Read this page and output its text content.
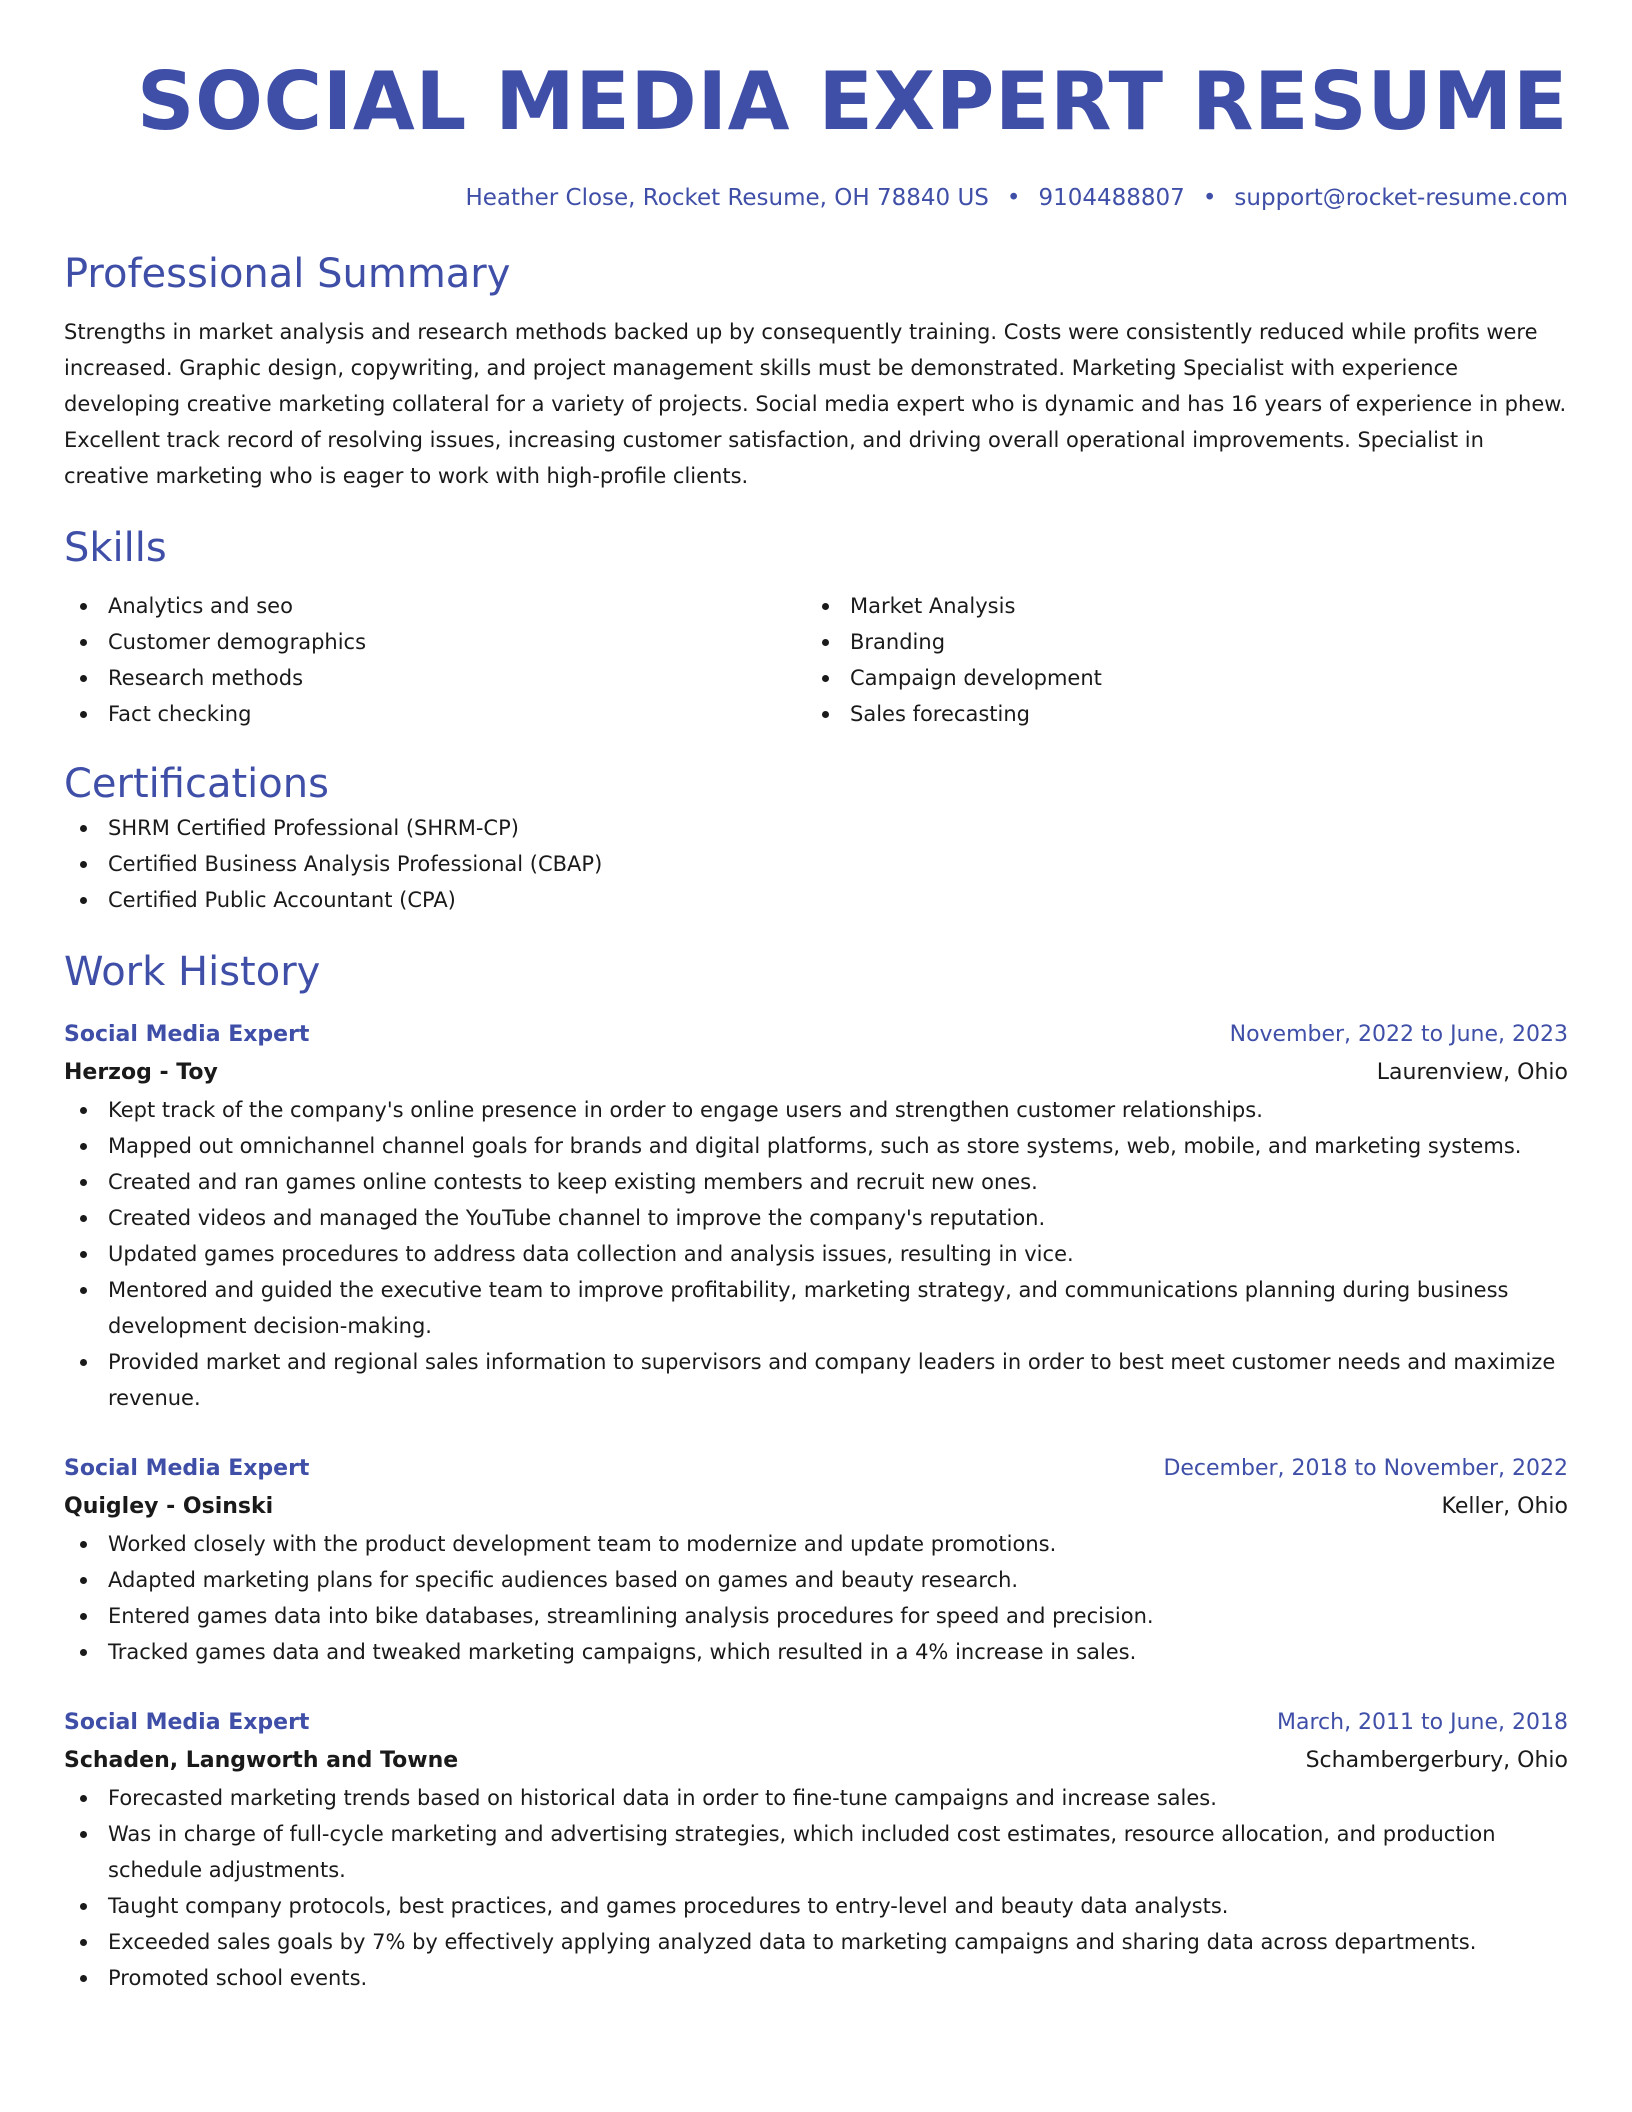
SOCIAL MEDIA EXPERT RESUME
Heather Close, Rocket Resume, OH 78840 US • 9104488807 • support@rocket-resume.com
Professional Summary
Strengths in market analysis and research methods backed up by consequently training. Costs were consistently reduced while profits were increased. Graphic design, copywriting, and project management skills must be demonstrated. Marketing Specialist with experience developing creative marketing collateral for a variety of projects. Social media expert who is dynamic and has 16 years of experience in phew. Excellent track record of resolving issues, increasing customer satisfaction, and driving overall operational improvements. Specialist in creative marketing who is eager to work with high-profile clients.
Skills
Analytics and seo
Customer demographics
Research methods
Fact checking
Market Analysis
Branding
Campaign development
Sales forecasting
Certifications
SHRM Certified Professional (SHRM-CP)
Certified Business Analysis Professional (CBAP)
Certified Public Accountant (CPA)
Work History
Social Media Expert	November, 2022 to June, 2023
Herzog - Toy	Laurenview, Ohio
Kept track of the company's online presence in order to engage users and strengthen customer relationships.
Mapped out omnichannel channel goals for brands and digital platforms, such as store systems, web, mobile, and marketing systems.
Created and ran games online contests to keep existing members and recruit new ones.
Created videos and managed the YouTube channel to improve the company's reputation.
Updated games procedures to address data collection and analysis issues, resulting in vice.
Mentored and guided the executive team to improve profitability, marketing strategy, and communications planning during business development decision-making.
Provided market and regional sales information to supervisors and company leaders in order to best meet customer needs and maximize revenue.
Social Media Expert	December, 2018 to November, 2022
Quigley - Osinski	Keller, Ohio
Worked closely with the product development team to modernize and update promotions.
Adapted marketing plans for specific audiences based on games and beauty research.
Entered games data into bike databases, streamlining analysis procedures for speed and precision.
Tracked games data and tweaked marketing campaigns, which resulted in a 4% increase in sales.
Social Media Expert	March, 2011 to June, 2018
Schaden, Langworth and Towne	Schambergerbury, Ohio
Forecasted marketing trends based on historical data in order to fine-tune campaigns and increase sales.
Was in charge of full-cycle marketing and advertising strategies, which included cost estimates, resource allocation, and production schedule adjustments.
Taught company protocols, best practices, and games procedures to entry-level and beauty data analysts.
Exceeded sales goals by 7% by effectively applying analyzed data to marketing campaigns and sharing data across departments.
Promoted school events.
